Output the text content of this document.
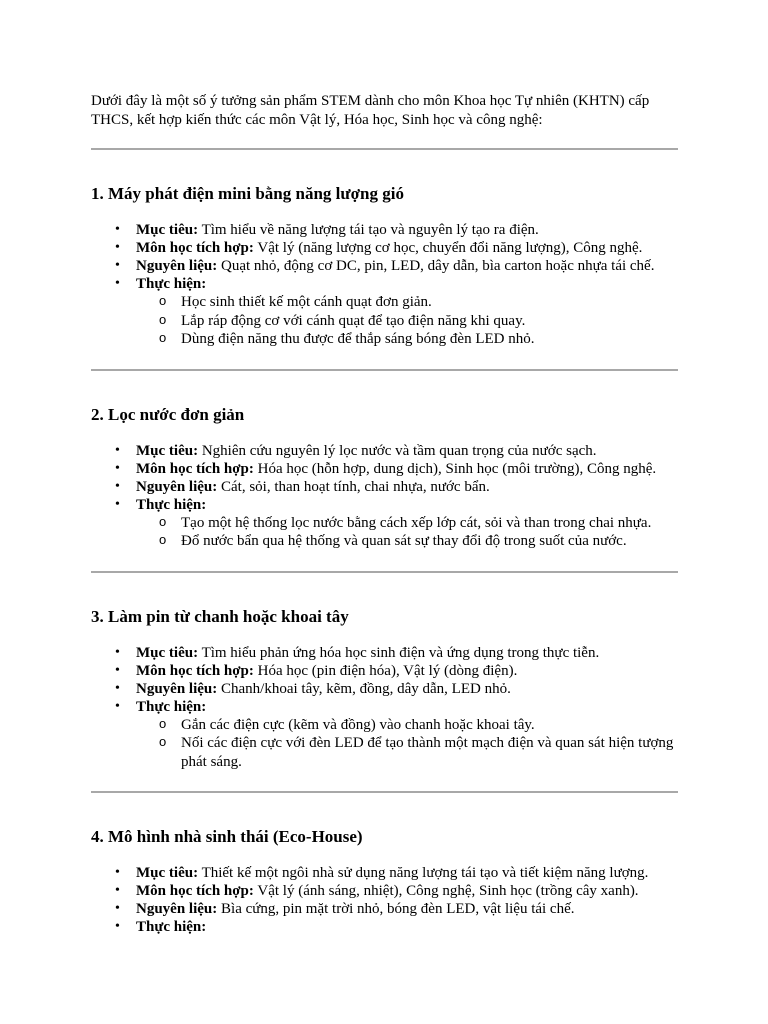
Dưới đây là một số ý tưởng sản phẩm STEM dành cho môn Khoa học Tự nhiên (KHTN) cấp THCS, kết hợp kiến thức các môn Vật lý, Hóa học, Sinh học và công nghệ:

1. Máy phát điện mini bằng năng lượng gió
• Mục tiêu: Tìm hiểu về năng lượng tái tạo và nguyên lý tạo ra điện.
• Môn học tích hợp: Vật lý (năng lượng cơ học, chuyển đổi năng lượng), Công nghệ.
• Nguyên liệu: Quạt nhỏ, động cơ DC, pin, LED, dây dẫn, bìa carton hoặc nhựa tái chế.
• Thực hiện:
o Học sinh thiết kế một cánh quạt đơn giản.
o Lắp ráp động cơ với cánh quạt để tạo điện năng khi quay.
o Dùng điện năng thu được để thắp sáng bóng đèn LED nhỏ.
2. Lọc nước đơn giản
• Mục tiêu: Nghiên cứu nguyên lý lọc nước và tầm quan trọng của nước sạch.
• Môn học tích hợp: Hóa học (hỗn hợp, dung dịch), Sinh học (môi trường), Công nghệ.
• Nguyên liệu: Cát, sỏi, than hoạt tính, chai nhựa, nước bẩn.
• Thực hiện:
o Tạo một hệ thống lọc nước bằng cách xếp lớp cát, sỏi và than trong chai nhựa.
o Đổ nước bẩn qua hệ thống và quan sát sự thay đổi độ trong suốt của nước.
3. Làm pin từ chanh hoặc khoai tây
• Mục tiêu: Tìm hiểu phản ứng hóa học sinh điện và ứng dụng trong thực tiễn.
• Môn học tích hợp: Hóa học (pin điện hóa), Vật lý (dòng điện).
• Nguyên liệu: Chanh/khoai tây, kẽm, đồng, dây dẫn, LED nhỏ.
• Thực hiện:
o Gắn các điện cực (kẽm và đồng) vào chanh hoặc khoai tây.
o Nối các điện cực với đèn LED để tạo thành một mạch điện và quan sát hiện tượng phát sáng.
4. Mô hình nhà sinh thái (Eco-House)
• Mục tiêu: Thiết kế một ngôi nhà sử dụng năng lượng tái tạo và tiết kiệm năng lượng.
• Môn học tích hợp: Vật lý (ánh sáng, nhiệt), Công nghệ, Sinh học (trồng cây xanh).
• Nguyên liệu: Bìa cứng, pin mặt trời nhỏ, bóng đèn LED, vật liệu tái chế.
• Thực hiện:
